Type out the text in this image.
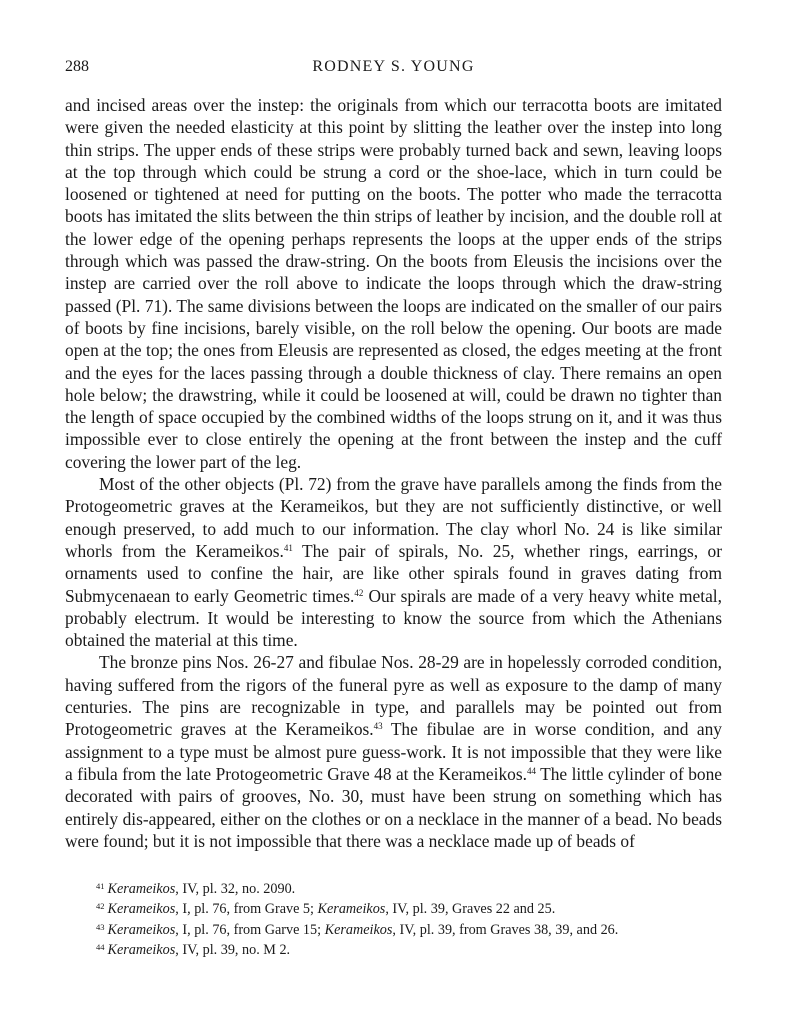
288	RODNEY S. YOUNG

and incised areas over the instep: the originals from which our terracotta boots are imitated were given the needed elasticity at this point by slitting the leather over the instep into long thin strips. The upper ends of these strips were probably turned back and sewn, leaving loops at the top through which could be strung a cord or the shoe-lace, which in turn could be loosened or tightened at need for putting on the boots. The potter who made the terracotta boots has imitated the slits between the thin strips of leather by incision, and the double roll at the lower edge of the opening perhaps represents the loops at the upper ends of the strips through which was passed the draw-string. On the boots from Eleusis the incisions over the instep are carried over the roll above to indicate the loops through which the draw-string passed (Pl. 71). The same divisions between the loops are indicated on the smaller of our pairs of boots by fine incisions, barely visible, on the roll below the opening. Our boots are made open at the top; the ones from Eleusis are represented as closed, the edges meeting at the front and the eyes for the laces passing through a double thickness of clay. There remains an open hole below; the drawstring, while it could be loosened at will, could be drawn no tighter than the length of space occupied by the combined widths of the loops strung on it, and it was thus impossible ever to close entirely the opening at the front between the instep and the cuff covering the lower part of the leg.

Most of the other objects (Pl. 72) from the grave have parallels among the finds from the Protogeometric graves at the Kerameikos, but they are not sufficiently distinctive, or well enough preserved, to add much to our information. The clay whorl No. 24 is like similar whorls from the Kerameikos.$^{41}$ The pair of spirals, No. 25, whether rings, earrings, or ornaments used to confine the hair, are like other spirals found in graves dating from Submycenaean to early Geometric times.$^{42}$ Our spirals are made of a very heavy white metal, probably electrum. It would be interesting to know the source from which the Athenians obtained the material at this time.

The bronze pins Nos. 26-27 and fibulae Nos. 28-29 are in hopelessly corroded condition, having suffered from the rigors of the funeral pyre as well as exposure to the damp of many centuries. The pins are recognizable in type, and parallels may be pointed out from Protogeometric graves at the Kerameikos.$^{43}$ The fibulae are in worse condition, and any assignment to a type must be almost pure guess-work. It is not impossible that they were like a fibula from the late Protogeometric Grave 48 at the Kerameikos.$^{44}$ The little cylinder of bone decorated with pairs of grooves, No. 30, must have been strung on something which has entirely dis-appeared, either on the clothes or on a necklace in the manner of a bead. No beads were found; but it is not impossible that there was a necklace made up of beads of

$^{41}$ Kerameikos, IV, pl. 32, no. 2090.
$^{42}$ Kerameikos, I, pl. 76, from Grave 5; Kerameikos, IV, pl. 39, Graves 22 and 25.
$^{43}$ Kerameikos, I, pl. 76, from Garve 15; Kerameikos, IV, pl. 39, from Graves 38, 39, and 26.
$^{44}$ Kerameikos, IV, pl. 39, no. M 2.
